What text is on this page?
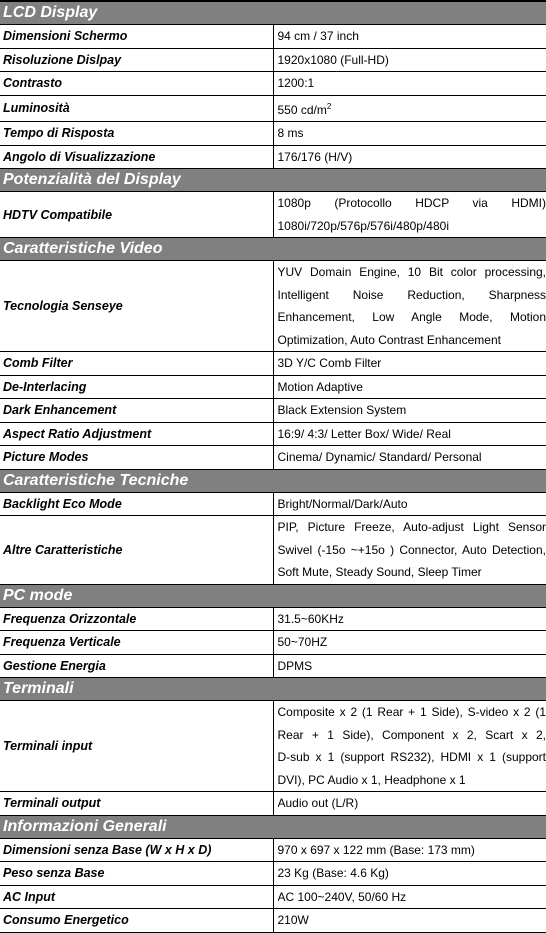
LCD Display	
Dimensioni Schermo	94 cm / 37 inch

Risoluzione Dislpay	1920x1080 (Full-HD)

Contrasto	1200:1

Luminosità	550 $cd/m^2$

Tempo di Risposta	8 ms

Angolo di Visualizzazione	176/176 (H/V)

Potenzialità del Display	
HDTV Compatibile	1080p (Protocollo HDCP via HDMI)
1080i/720p/576p/576i/480p/480i

Caratteristiche Video	
Tecnologia Senseye	YUV Domain Engine, 10 Bit color processing,
Intelligent Noise Reduction, Sharpness
Enhancement, Low Angle Mode, Motion
Optimization, Auto Contrast Enhancement

Comb Filter	3D Y/C Comb Filter

De-Interlacing	Motion Adaptive

Dark Enhancement	Black Extension System

Aspect Ratio Adjustment	16:9/ 4:3/ Letter Box/ Wide/ Real

Picture Modes	Cinema/ Dynamic/ Standard/ Personal

Caratteristiche Tecniche	
Backlight Eco Mode	Bright/Normal/Dark/Auto

Altre Caratteristiche	PIP, Picture Freeze, Auto-adjust Light Sensor
Swivel (-15o ~+15o ) Connector, Auto Detection,
Soft Mute, Steady Sound, Sleep Timer

PC mode	
Frequenza Orizzontale	31.5~60KHz

Frequenza Verticale	50~70HZ

Gestione Energia	DPMS

Terminali	
Terminali input	Composite x 2 (1 Rear + 1 Side), S-video x 2 (1
Rear + 1 Side), Component x 2, Scart x 2,
D-sub x 1 (support RS232), HDMI x 1 (support
DVI), PC Audio x 1, Headphone x 1

Terminali output	Audio out (L/R)

Informazioni Generali	
Dimensioni senza Base (W x H x D)	970 x 697 x 122 mm (Base: 173 mm)

Peso senza Base	23 Kg (Base: 4.6 Kg)

AC Input	AC 100~240V, 50/60 Hz

Consumo Energetico	210W
